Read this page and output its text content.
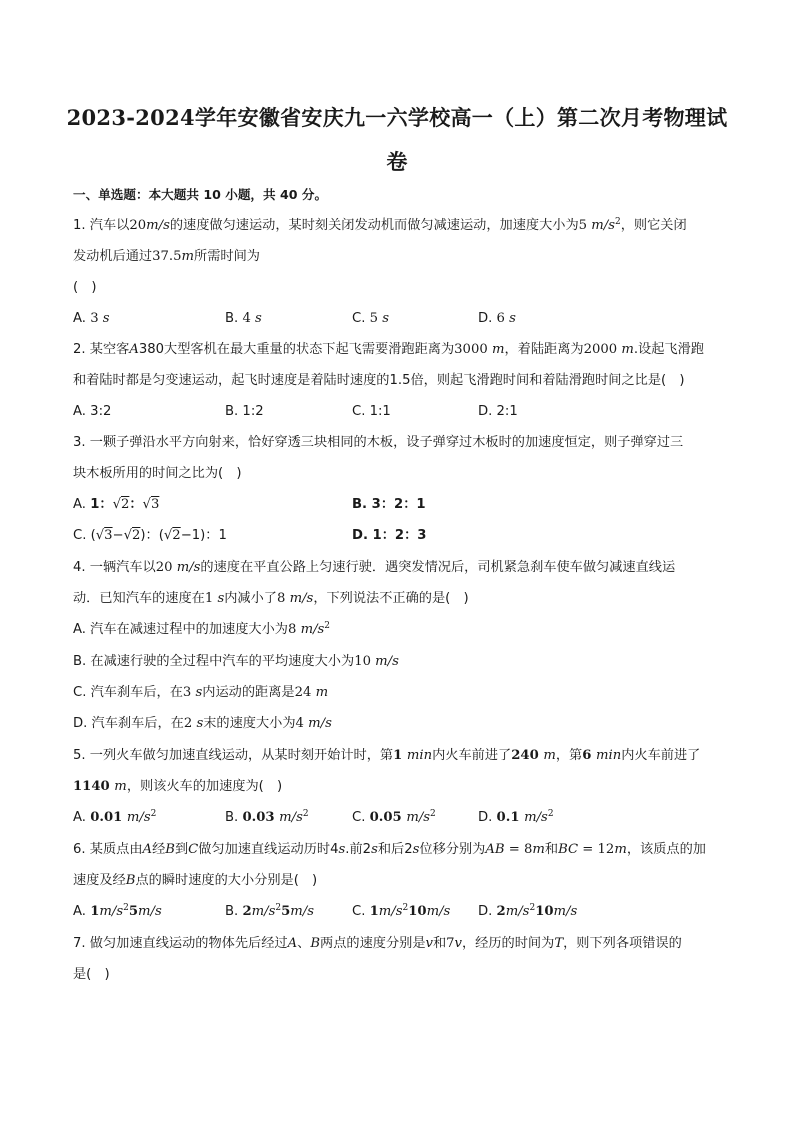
2023-2024学年安徽省安庆九一六学校高一（上）第二次月考物理试
卷
一、单选题：本大题共 10 小题，共 40 分。
1. 汽车以20m/s的速度做匀速运动，某时刻关闭发动机而做匀减速运动，加速度大小为5 $m/s^2$，则它关闭
发动机后通过37.5m所需时间为
(　)
A. 3 s	B. 4 s	C. 5 s	D. 6 s
2. 某空客A380大型客机在最大重量的状态下起飞需要滑跑距离为3000 m，着陆距离为2000 m.设起飞滑跑
和着陆时都是匀变速运动，起飞时速度是着陆时速度的1.5倍，则起飞滑跑时间和着陆滑跑时间之比是(　)
A. 3:2	B. 1:2	C. 1:1	D. 2:1
3. 一颗子弹沿水平方向射来，恰好穿透三块相同的木板，设子弹穿过木板时的加速度恒定，则子弹穿过三
块木板所用的时间之比为(　)
A. 1：√2：√3	B. 3：2：1
C. (√3−√2)：(√2−1)：1	D. 1：2：3
4. 一辆汽车以20 m/s的速度在平直公路上匀速行驶．遇突发情况后，司机紧急刹车使车做匀减速直线运
动．已知汽车的速度在1 s内减小了8 m/s，下列说法不正确的是(　)
A. 汽车在减速过程中的加速度大小为8 $m/s^2$
B. 在减速行驶的全过程中汽车的平均速度大小为10 m/s
C. 汽车刹车后，在3 s内运动的距离是24 m
D. 汽车刹车后，在2 s末的速度大小为4 m/s
5. 一列火车做匀加速直线运动，从某时刻开始计时，第1 min内火车前进了240 m，第6 min内火车前进了
1140 m，则该火车的加速度为(　)
A. 0.01 $m/s^2$	B. 0.03 $m/s^2$	C. 0.05 $m/s^2$	D. 0.1 $m/s^2$
6. 某质点由A经B到C做匀加速直线运动历时4s.前2s和后2s位移分别为AB = 8m和BC = 12m，该质点的加
速度及经B点的瞬时速度的大小分别是(　)
A. $1m/s^25m/s$	B. $2m/s^25m/s$	C. $1m/s^210m/s$ D. $2m/s^210m/s$
7. 做匀加速直线运动的物体先后经过A、B两点的速度分别是v和7v，经历的时间为T，则下列各项错误的
是(　)
